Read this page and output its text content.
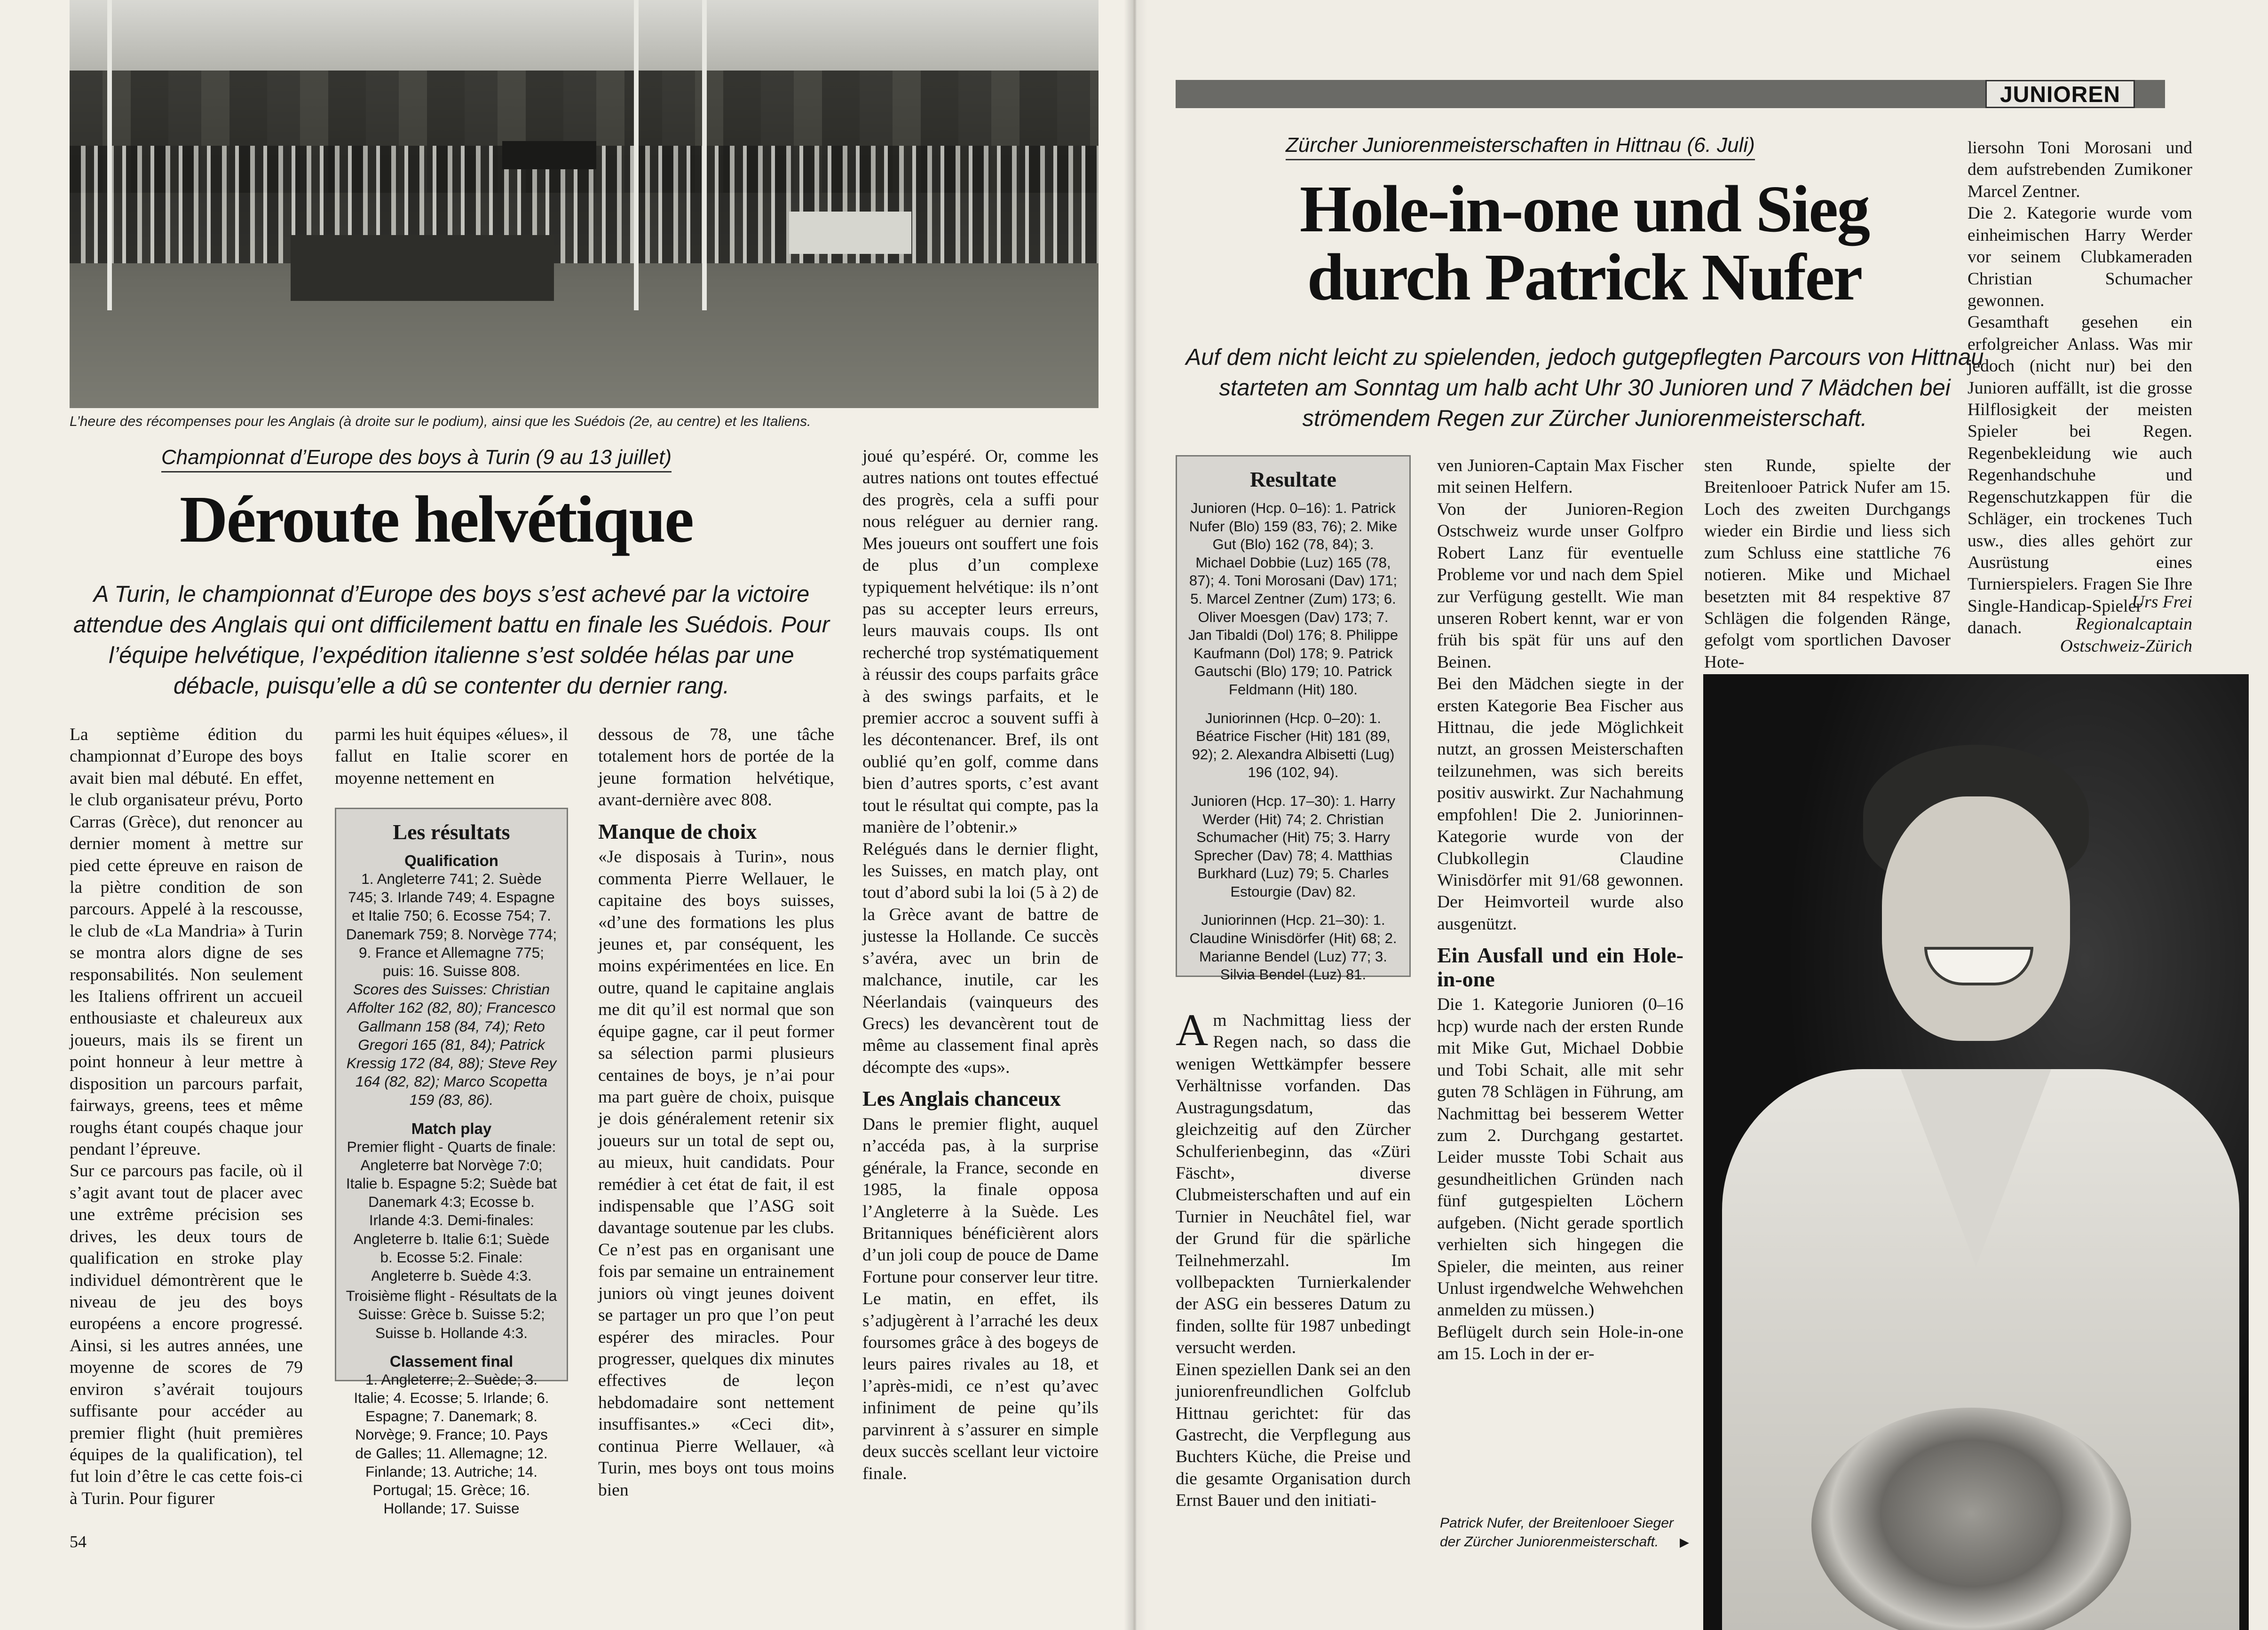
L’heure des récompenses pour les Anglais (à droite sur le podium), ainsi que les Suédois (2e, au centre) et les Italiens.
Championnat d’Europe des boys à Turin (9 au 13 juillet)
Déroute helvétique
A Turin, le championnat d’Europe des boys s’est achevé par la victoire attendue des Anglais qui ont difficilement battu en finale les Suédois. Pour l’équipe helvétique, l’expédition italienne s’est soldée hélas par une débacle, puisqu’elle a dû se contenter du dernier rang.

La septième édition du championnat d’Europe des boys avait bien mal débuté. En effet, le club organisateur prévu, Porto Carras (Grèce), dut renoncer au dernier moment à mettre sur pied cette épreuve en raison de la piètre condition de son parcours. Appelé à la rescousse, le club de «La Mandria» à Turin se montra alors digne de ses responsabilités. Non seulement les Italiens offrirent un accueil enthousiaste et chaleureux aux joueurs, mais ils se firent un point honneur à leur mettre à disposition un parcours parfait, fairways, greens, tees et même roughs étant coupés chaque jour pendant l’épreuve.

Sur ce parcours pas facile, où il s’agit avant tout de placer avec une extrême précision ses drives, les deux tours de qualification en stroke play individuel démontrèrent que le niveau de jeu des boys européens a encore progressé. Ainsi, si les autres années, une moyenne de scores de 79 environ s’avérait toujours suffisante pour accéder au premier flight (huit premières équipes de la qualification), tel fut loin d’être le cas cette fois-ci à Turin. Pour figurer

parmi les huit équipes «élues», il fallut en Italie scorer en moyenne nettement en

Les résultats
Qualification

1. Angleterre 741; 2. Suède 745; 3. Irlande 749; 4. Espagne et Italie 750; 6. Ecosse 754; 7. Danemark 759; 8. Norvège 774; 9. France et Allemagne 775; puis: 16. Suisse 808.

Scores des Suisses: Christian Affolter 162 (82, 80); Francesco Gallmann 158 (84, 74); Reto Gregori 165 (81, 84); Patrick Kressig 172 (84, 88); Steve Rey 164 (82, 82); Marco Scopetta 159 (83, 86).

Match play

Premier flight - Quarts de finale: Angleterre bat Norvège 7:0; Italie b. Espagne 5:2; Suède bat Danemark 4:3; Ecosse b. Irlande 4:3. Demi-finales: Angleterre b. Italie 6:1; Suède b. Ecosse 5:2. Finale: Angleterre b. Suède 4:3.

Troisième flight - Résultats de la Suisse: Grèce b. Suisse 5:2; Suisse b. Hollande 4:3.

Classement final

1. Angleterre; 2. Suède; 3. Italie; 4. Ecosse; 5. Irlande; 6. Espagne; 7. Danemark; 8. Norvège; 9. France; 10. Pays de Galles; 11. Allemagne; 12. Finlande; 13. Autriche; 14. Portugal; 15. Grèce; 16. Hollande; 17. Suisse

dessous de 78, une tâche totalement hors de portée de la jeune formation helvétique, avant-dernière avec 808.

Manque de choix

«Je disposais à Turin», nous commenta Pierre Wellauer, le capitaine des boys suisses, «d’une des formations les plus jeunes et, par conséquent, les moins expérimentées en lice. En outre, quand le capitaine anglais me dit qu’il est normal que son équipe gagne, car il peut former sa sélection parmi plusieurs centaines de boys, je n’ai pour ma part guère de choix, puisque je dois généralement retenir six joueurs sur un total de sept ou, au mieux, huit candidats. Pour remédier à cet état de fait, il est indispensable que l’ASG soit davantage soutenue par les clubs. Ce n’est pas en organisant une fois par semaine un entrainement juniors où vingt jeunes doivent se partager un pro que l’on peut espérer des miracles. Pour progresser, quelques dix minutes effectives de leçon hebdomadaire sont nettement insuffisantes.» «Ceci dit», continua Pierre Wellauer, «à Turin, mes boys ont tous moins bien

joué qu’espéré. Or, comme les autres nations ont toutes effectué des progrès, cela a suffi pour nous reléguer au dernier rang. Mes joueurs ont souffert une fois de plus d’un complexe typiquement helvétique: ils n’ont pas su accepter leurs erreurs, leurs mauvais coups. Ils ont recherché trop systématiquement à réussir des coups parfaits grâce à des swings parfaits, et le premier accroc a souvent suffi à les décontenancer. Bref, ils ont oublié qu’en golf, comme dans bien d’autres sports, c’est avant tout le résultat qui compte, pas la manière de l’obtenir.»

Relégués dans le dernier flight, les Suisses, en match play, ont tout d’abord subi la loi (5 à 2) de la Grèce avant de battre de justesse la Hollande. Ce succès s’avéra, avec un brin de malchance, inutile, car les Néerlandais (vainqueurs des Grecs) les devancèrent tout de même au classement final après décompte des «ups».

Les Anglais chanceux

Dans le premier flight, auquel n’accéda pas, à la surprise générale, la France, seconde en 1985, la finale opposa l’Angleterre à la Suède. Les Britanniques bénéficièrent alors d’un joli coup de pouce de Dame Fortune pour conserver leur titre. Le matin, en effet, ils s’adjugèrent à l’arraché les deux foursomes grâce à des bogeys de leurs paires rivales au 18, et l’après-midi, ce n’est qu’avec infiniment de peine qu’ils parvinrent à s’assurer en simple deux succès scellant leur victoire finale.

54
JUNIOREN
Zürcher Juniorenmeisterschaften in Hittnau (6. Juli)
Hole-in-one und Sieg
durch Patrick Nufer
Auf dem nicht leicht zu spielenden, jedoch gutgepflegten Parcours von Hittnau starteten am Sonntag um halb acht Uhr 30 Junioren und 7 Mädchen bei strömendem Regen zur Zürcher Juniorenmeisterschaft.
Resultate

Junioren (Hcp. 0–16): 1. Patrick Nufer (Blo) 159 (83, 76); 2. Mike Gut (Blo) 162 (78, 84); 3. Michael Dobbie (Luz) 165 (78, 87); 4. Toni Morosani (Dav) 171; 5. Marcel Zentner (Zum) 173; 6. Oliver Moesgen (Dav) 173; 7. Jan Tibaldi (Dol) 176; 8. Philippe Kaufmann (Dol) 178; 9. Patrick Gautschi (Blo) 179; 10. Patrick Feldmann (Hit) 180.

Juniorinnen (Hcp. 0–20): 1. Béatrice Fischer (Hit) 181 (89, 92); 2. Alexandra Albisetti (Lug) 196 (102, 94).

Junioren (Hcp. 17–30): 1. Harry Werder (Hit) 74; 2. Christian Schumacher (Hit) 75; 3. Harry Sprecher (Dav) 78; 4. Matthias Burkhard (Luz) 79; 5. Charles Estourgie (Dav) 82.

Juniorinnen (Hcp. 21–30): 1. Claudine Winisdörfer (Hit) 68; 2. Marianne Bendel (Luz) 77; 3. Silvia Bendel (Luz) 81.

Am Nachmittag liess der Regen nach, so dass die wenigen Wettkämpfer bessere Verhältnisse vorfanden. Das Austragungsdatum, das gleichzeitig auf den Zürcher Schulferienbeginn, das «Züri Fäscht», diverse Clubmeisterschaften und auf ein Turnier in Neuchâtel fiel, war der Grund für die spärliche Teilnehmerzahl. Im vollbepackten Turnierkalender der ASG ein besseres Datum zu finden, sollte für 1987 unbedingt versucht werden.

Einen speziellen Dank sei an den juniorenfreundlichen Golfclub Hittnau gerichtet: für das Gastrecht, die Verpflegung aus Buchters Küche, die Preise und die gesamte Organisation durch Ernst Bauer und den initiati-

ven Junioren-Captain Max Fischer mit seinen Helfern.

Von der Junioren-Region Ostschweiz wurde unser Golfpro Robert Lanz für eventuelle Probleme vor und nach dem Spiel zur Verfügung gestellt. Wie man unseren Robert kennt, war er von früh bis spät für uns auf den Beinen.

Bei den Mädchen siegte in der ersten Kategorie Bea Fischer aus Hittnau, die jede Möglichkeit nutzt, an grossen Meisterschaften teilzunehmen, was sich bereits positiv auswirkt. Zur Nachahmung empfohlen! Die 2. Juniorinnen-Kategorie wurde von der Clubkollegin Claudine Winisdörfer mit 91/68 gewonnen. Der Heimvorteil wurde also ausgenützt.

Ein Ausfall und ein Hole-in-one

Die 1. Kategorie Junioren (0–16 hcp) wurde nach der ersten Runde mit Mike Gut, Michael Dobbie und Tobi Schait, alle mit sehr guten 78 Schlägen in Führung, am Nachmittag bei besserem Wetter zum 2. Durchgang gestartet. Leider musste Tobi Schait aus gesundheitlichen Gründen nach fünf gutgespielten Löchern aufgeben. (Nicht gerade sportlich verhielten sich hingegen die Spieler, die meinten, aus reiner Unlust irgendwelche Wehwehchen anmelden zu müssen.)

Beflügelt durch sein Hole-in-one am 15. Loch in der er-

sten Runde, spielte der Breitenlooer Patrick Nufer am 15. Loch des zweiten Durchgangs wieder ein Birdie und liess sich zum Schluss eine stattliche 76 notieren. Mike und Michael besetzten mit 84 respektive 87 Schlägen die folgenden Ränge, gefolgt vom sportlichen Davoser Hote-

liersohn Toni Morosani und dem aufstrebenden Zumikoner Marcel Zentner.

Die 2. Kategorie wurde vom einheimischen Harry Werder vor seinem Clubkameraden Christian Schumacher gewonnen.

Gesamthaft gesehen ein erfolgreicher Anlass. Was mir jedoch (nicht nur) bei den Junioren auffällt, ist die grosse Hilflosigkeit der meisten Spieler bei Regen. Regenbekleidung wie auch Regenhandschuhe und Regenschutzkappen für die Schläger, ein trockenes Tuch usw., dies alles gehört zur Ausrüstung eines Turnierspielers. Fragen Sie Ihre Single-Handicap-Spieler danach.

Urs Frei
Regionalcaptain
Ostschweiz-Zürich
Patrick Nufer, der Breitenlooer Sieger der Zürcher Juniorenmeisterschaft.	▶
